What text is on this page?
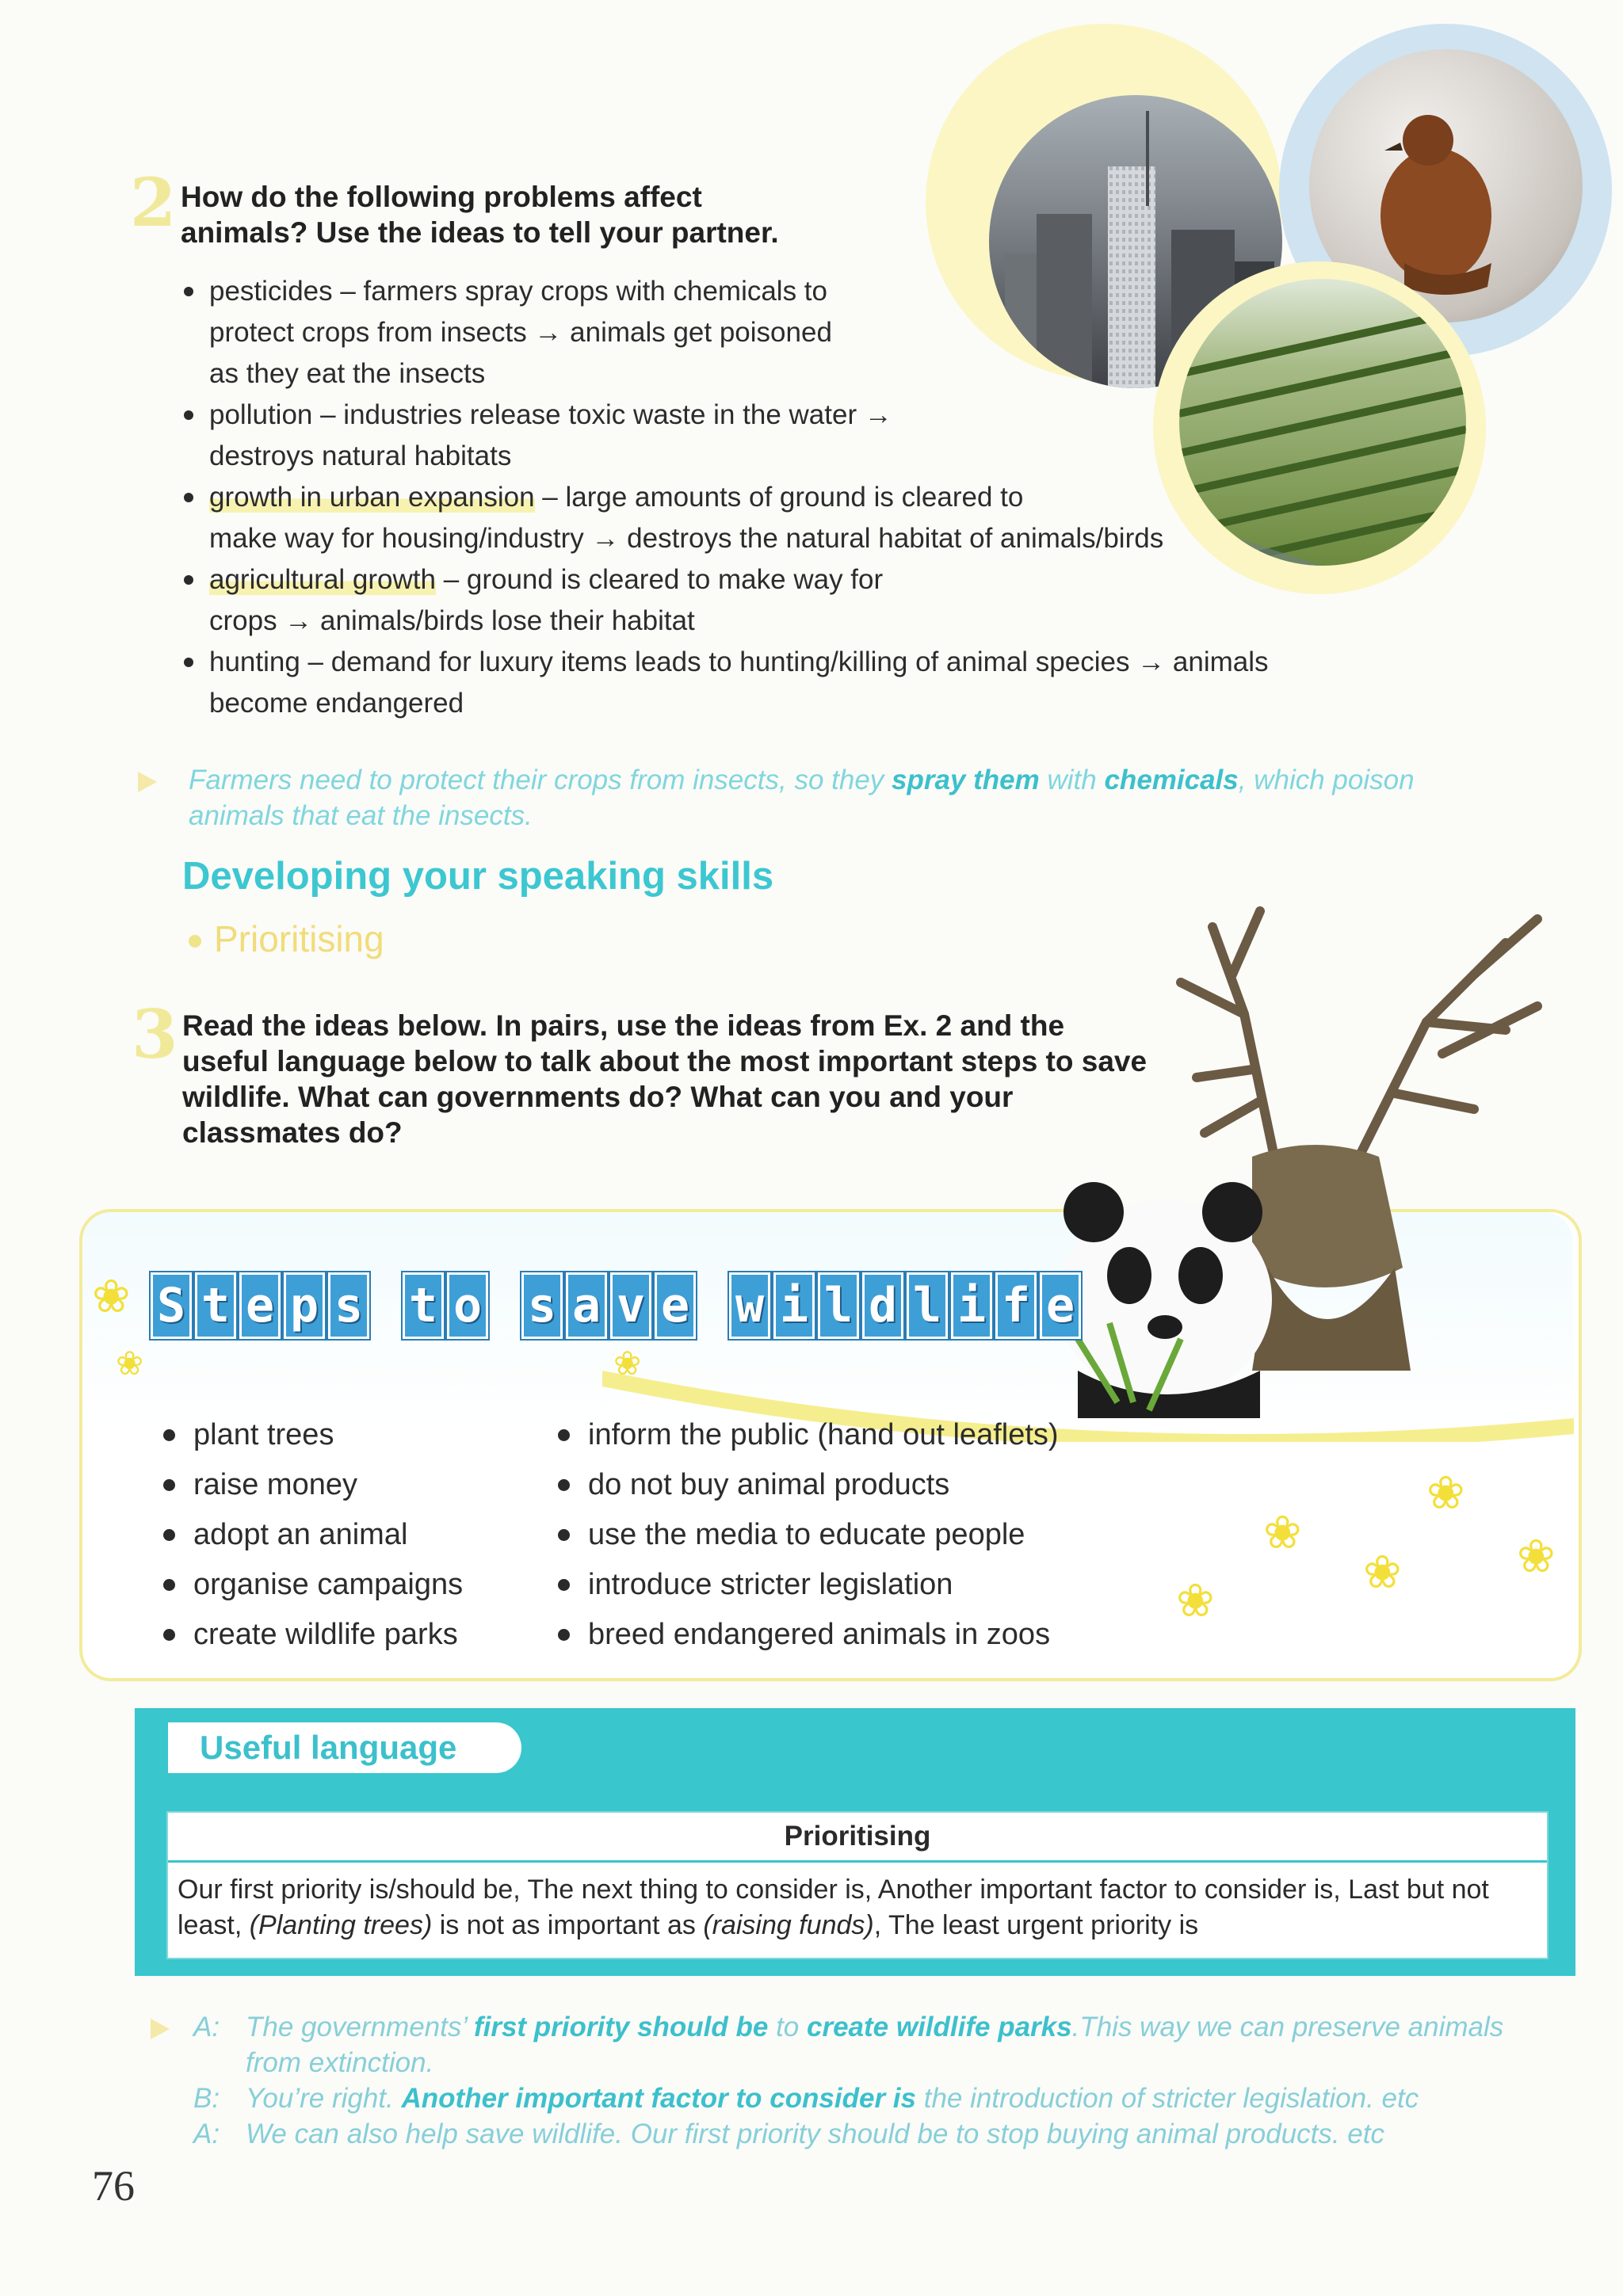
2 How do the following problems affect
animals? Use the ideas to tell your partner.
pesticides – farmers spray crops with chemicals to
protect crops from insects → animals get poisoned
as they eat the insects
pollution – industries release toxic waste in the water →
destroys natural habitats
growth in urban expansion – large amounts of ground is cleared to
make way for housing/industry → destroys the natural habitat of animals/birds
agricultural growth – ground is cleared to make way for
crops → animals/birds lose their habitat
hunting – demand for luxury items leads to hunting/killing of animal species → animals
become endangered
Farmers need to protect their crops from insects, so they spray them with chemicals, which poison
animals that eat the insects.
Developing your speaking skills
Prioritising
3 Read the ideas below. In pairs, use the ideas from Ex. 2 and the
useful language below to talk about the most important steps to save
wildlife. What can governments do? What can you and your
classmates do?
S t e p s t o s a v e w i l d l i f e
❀
❀	❀
plant trees
raise money
adopt an animal
organise campaigns
create wildlife parks
inform the public (hand out leaflets)
do not buy animal products
use the media to educate people
introduce stricter legislation
breed endangered animals in zoos
❀
❀
❀
❀
❀
Useful language
Prioritising
Our first priority is/should be, The next thing to consider is, Another important factor to consider is, Last but not
least, (Planting trees) is not as important as (raising funds), The least urgent priority is
A: The governments’ first priority should be to create wildlife parks.This way we can preserve animals
from extinction.
B: You’re right. Another important factor to consider is the introduction of stricter legislation. etc
A: We can also help save wildlife. Our first priority should be to stop buying animal products. etc
76
